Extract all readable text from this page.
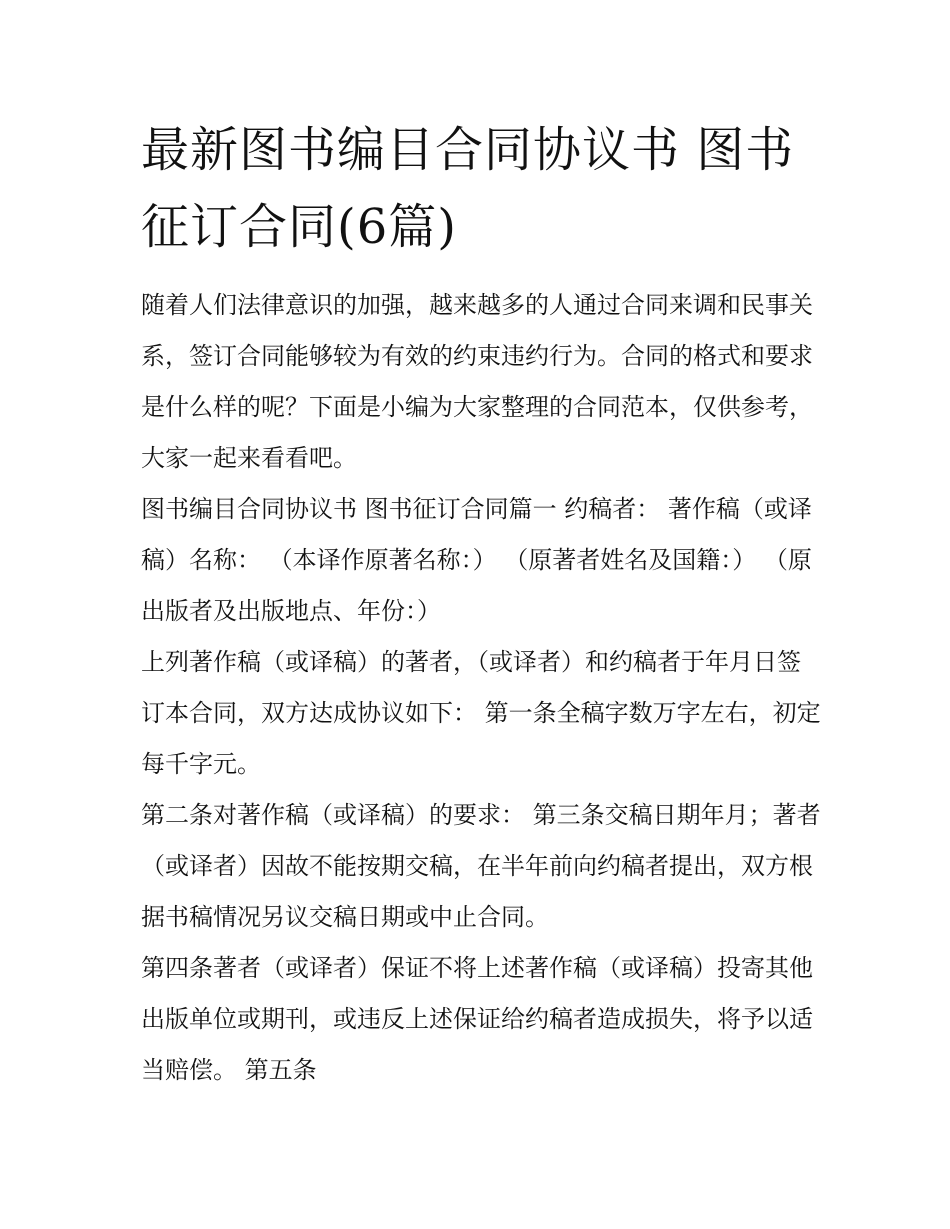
最新图书编目合同协议书 图书征订合同(6篇)

随着人们法律意识的加强，越来越多的人通过合同来调和民事关系，签订合同能够较为有效的约束违约行为。合同的格式和要求是什么样的呢？下面是小编为大家整理的合同范本，仅供参考，大家一起来看看吧。

图书编目合同协议书 图书征订合同篇一 约稿者： 著作稿（或译稿）名称： （本译作原著名称：） （原著者姓名及国籍：） （原出版者及出版地点、年份：）

上列著作稿（或译稿）的著者，（或译者）和约稿者于年月日签订本合同，双方达成协议如下： 第一条全稿字数万字左右，初定每千字元。

第二条对著作稿（或译稿）的要求： 第三条交稿日期年月；著者（或译者）因故不能按期交稿，在半年前向约稿者提出，双方根据书稿情况另议交稿日期或中止合同。

第四条著者（或译者）保证不将上述著作稿（或译稿）投寄其他出版单位或期刊，或违反上述保证给约稿者造成损失，将予以适当赔偿。 第五条
